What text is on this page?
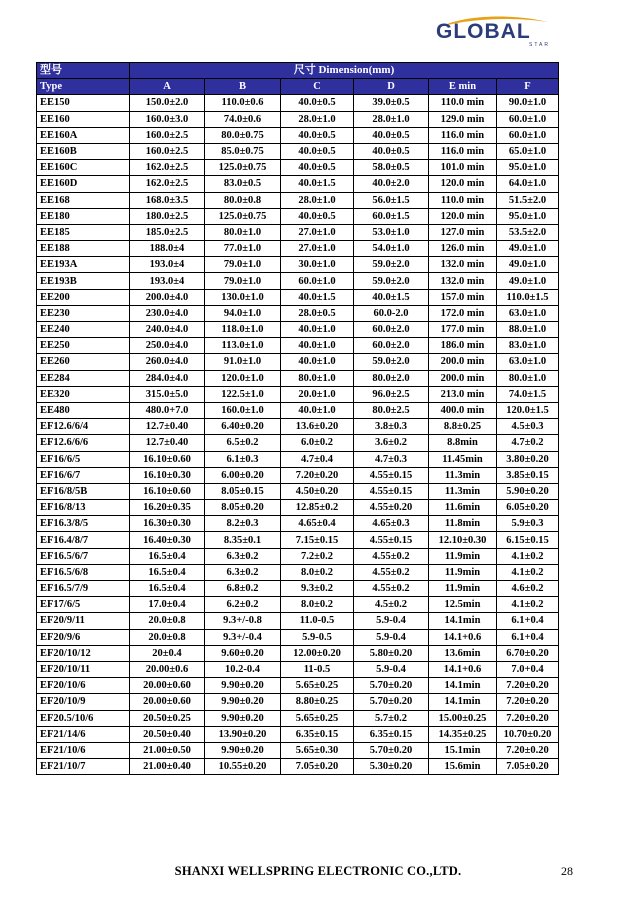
GLOBAL
STAR
型号	尺寸 Dimension(mm)					
Type	A	B	C	D	E min	F
EE150	150.0±2.0	110.0±0.6	40.0±0.5	39.0±0.5	110.0 min	90.0±1.0
EE160	160.0±3.0	74.0±0.6	28.0±1.0	28.0±1.0	129.0 min	60.0±1.0
EE160A	160.0±2.5	80.0±0.75	40.0±0.5	40.0±0.5	116.0 min	60.0±1.0
EE160B	160.0±2.5	85.0±0.75	40.0±0.5	40.0±0.5	116.0 min	65.0±1.0
EE160C	162.0±2.5	125.0±0.75	40.0±0.5	58.0±0.5	101.0 min	95.0±1.0
EE160D	162.0±2.5	83.0±0.5	40.0±1.5	40.0±2.0	120.0 min	64.0±1.0
EE168	168.0±3.5	80.0±0.8	28.0±1.0	56.0±1.5	110.0 min	51.5±2.0
EE180	180.0±2.5	125.0±0.75	40.0±0.5	60.0±1.5	120.0 min	95.0±1.0
EE185	185.0±2.5	80.0±1.0	27.0±1.0	53.0±1.0	127.0 min	53.5±2.0
EE188	188.0±4	77.0±1.0	27.0±1.0	54.0±1.0	126.0 min	49.0±1.0
EE193A	193.0±4	79.0±1.0	30.0±1.0	59.0±2.0	132.0 min	49.0±1.0
EE193B	193.0±4	79.0±1.0	60.0±1.0	59.0±2.0	132.0 min	49.0±1.0
EE200	200.0±4.0	130.0±1.0	40.0±1.5	40.0±1.5	157.0 min	110.0±1.5
EE230	230.0±4.0	94.0±1.0	28.0±0.5	60.0-2.0	172.0 min	63.0±1.0
EE240	240.0±4.0	118.0±1.0	40.0±1.0	60.0±2.0	177.0 min	88.0±1.0
EE250	250.0±4.0	113.0±1.0	40.0±1.0	60.0±2.0	186.0 min	83.0±1.0
EE260	260.0±4.0	91.0±1.0	40.0±1.0	59.0±2.0	200.0 min	63.0±1.0
EE284	284.0±4.0	120.0±1.0	80.0±1.0	80.0±2.0	200.0 min	80.0±1.0
EE320	315.0±5.0	122.5±1.0	20.0±1.0	96.0±2.5	213.0 min	74.0±1.5
EE480	480.0+7.0	160.0±1.0	40.0±1.0	80.0±2.5	400.0 min	120.0±1.5
EF12.6/6/4	12.7±0.40	6.40±0.20	13.6±0.20	3.8±0.3	8.8±0.25	4.5±0.3
EF12.6/6/6	12.7±0.40	6.5±0.2	6.0±0.2	3.6±0.2	8.8min	4.7±0.2
EF16/6/5	16.10±0.60	6.1±0.3	4.7±0.4	4.7±0.3	11.45min	3.80±0.20
EF16/6/7	16.10±0.30	6.00±0.20	7.20±0.20	4.55±0.15	11.3min	3.85±0.15
EF16/8/5B	16.10±0.60	8.05±0.15	4.50±0.20	4.55±0.15	11.3min	5.90±0.20
EF16/8/13	16.20±0.35	8.05±0.20	12.85±0.2	4.55±0.20	11.6min	6.05±0.20
EF16.3/8/5	16.30±0.30	8.2±0.3	4.65±0.4	4.65±0.3	11.8min	5.9±0.3
EF16.4/8/7	16.40±0.30	8.35±0.1	7.15±0.15	4.55±0.15	12.10±0.30	6.15±0.15
EF16.5/6/7	16.5±0.4	6.3±0.2	7.2±0.2	4.55±0.2	11.9min	4.1±0.2
EF16.5/6/8	16.5±0.4	6.3±0.2	8.0±0.2	4.55±0.2	11.9min	4.1±0.2
EF16.5/7/9	16.5±0.4	6.8±0.2	9.3±0.2	4.55±0.2	11.9min	4.6±0.2
EF17/6/5	17.0±0.4	6.2±0.2	8.0±0.2	4.5±0.2	12.5min	4.1±0.2
EF20/9/11	20.0±0.8	9.3+/-0.8	11.0-0.5	5.9-0.4	14.1min	6.1+0.4
EF20/9/6	20.0±0.8	9.3+/-0.4	5.9-0.5	5.9-0.4	14.1+0.6	6.1+0.4
EF20/10/12	20±0.4	9.60±0.20	12.00±0.20	5.80±0.20	13.6min	6.70±0.20
EF20/10/11	20.00±0.6	10.2-0.4	11-0.5	5.9-0.4	14.1+0.6	7.0+0.4
EF20/10/6	20.00±0.60	9.90±0.20	5.65±0.25	5.70±0.20	14.1min	7.20±0.20
EF20/10/9	20.00±0.60	9.90±0.20	8.80±0.25	5.70±0.20	14.1min	7.20±0.20
EF20.5/10/6	20.50±0.25	9.90±0.20	5.65±0.25	5.7±0.2	15.00±0.25	7.20±0.20
EF21/14/6	20.50±0.40	13.90±0.20	6.35±0.15	6.35±0.15	14.35±0.25	10.70±0.20
EF21/10/6	21.00±0.50	9.90±0.20	5.65±0.30	5.70±0.20	15.1min	7.20±0.20
EF21/10/7	21.00±0.40	10.55±0.20	7.05±0.20	5.30±0.20	15.6min	7.05±0.20
SHANXI WELLSPRING ELECTRONIC CO.,LTD.	28
